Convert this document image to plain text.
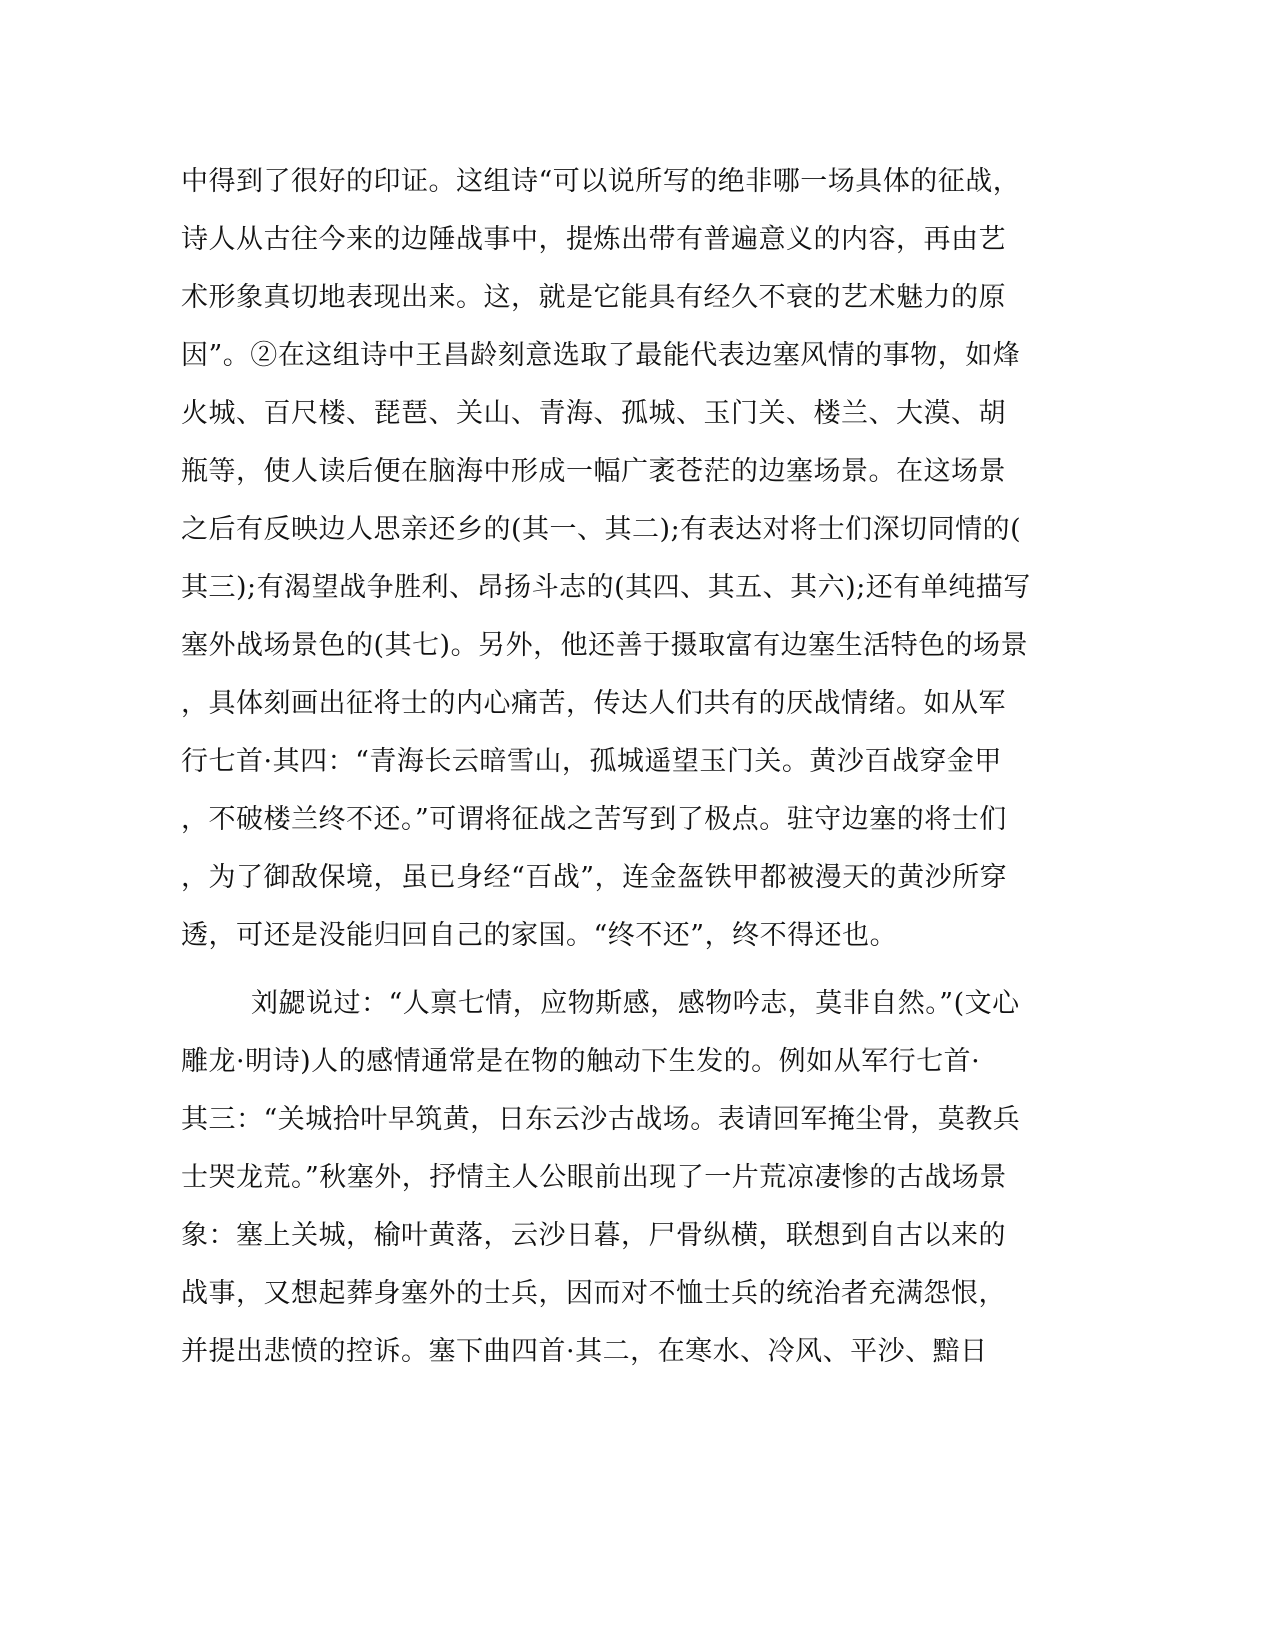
中得到了很好的印证。这组诗“可以说所写的绝非哪一场具体的征战，
诗人从古往今来的边陲战事中，提炼出带有普遍意义的内容，再由艺
术形象真切地表现出来。这，就是它能具有经久不衰的艺术魅力的原
因”。②在这组诗中王昌龄刻意选取了最能代表边塞风情的事物，如烽
火城、百尺楼、琵琶、关山、青海、孤城、玉门关、楼兰、大漠、胡
瓶等，使人读后便在脑海中形成一幅广袤苍茫的边塞场景。在这场景
之后有反映边人思亲还乡的(其一、其二);有表达对将士们深切同情的(
其三);有渴望战争胜利、昂扬斗志的(其四、其五、其六);还有单纯描写
塞外战场景色的(其七)。另外，他还善于摄取富有边塞生活特色的场景
，具体刻画出征将士的内心痛苦，传达人们共有的厌战情绪。如从军
行七首·其四：“青海长云暗雪山，孤城遥望玉门关。黄沙百战穿金甲
，不破楼兰终不还。”可谓将征战之苦写到了极点。驻守边塞的将士们
，为了御敌保境，虽已身经“百战”，连金盔铁甲都被漫天的黄沙所穿
透，可还是没能归回自己的家国。“终不还”，终不得还也。
刘勰说过：“人禀七情，应物斯感，感物吟志，莫非自然。”(文心
雕龙·明诗)人的感情通常是在物的触动下生发的。例如从军行七首·
其三：“关城拾叶早筑黄，日东云沙古战场。表请回军掩尘骨，莫教兵
士哭龙荒。”秋塞外，抒情主人公眼前出现了一片荒凉凄惨的古战场景
象：塞上关城，榆叶黄落，云沙日暮，尸骨纵横，联想到自古以来的
战事，又想起葬身塞外的士兵，因而对不恤士兵的统治者充满怨恨，
并提出悲愤的控诉。塞下曲四首·其二，在寒水、冷风、平沙、黯日
